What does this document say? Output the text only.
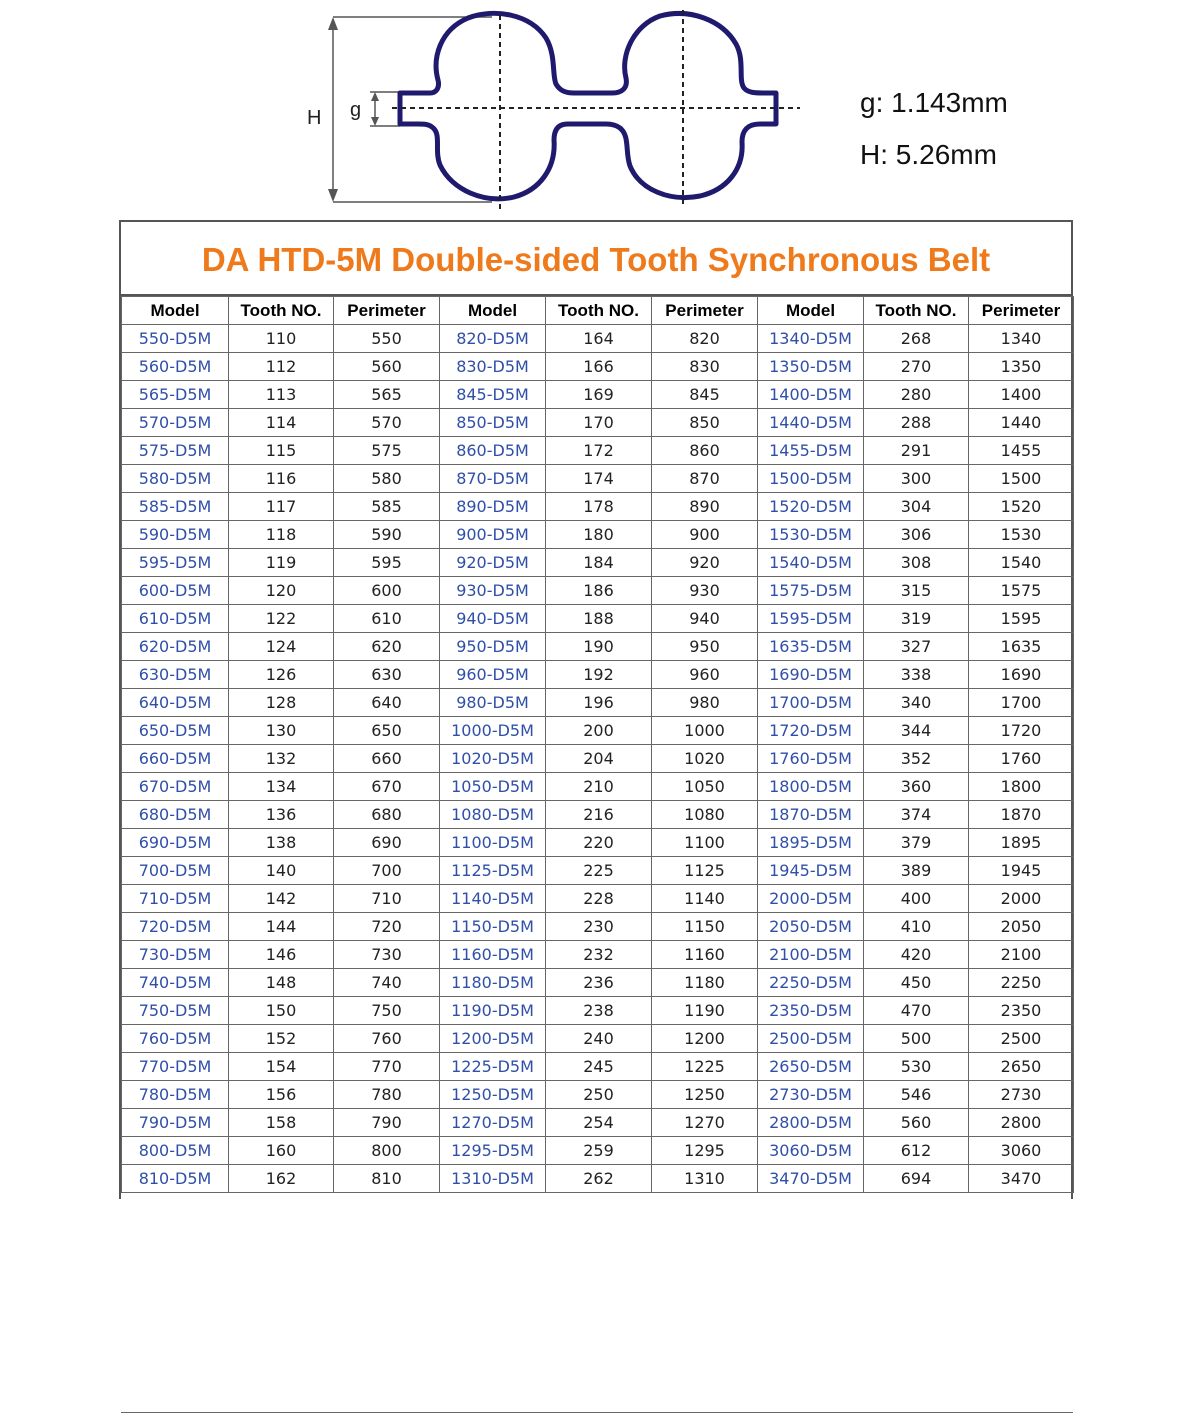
H g	g: 1.143mm
H: 5.26mm
DA HTD-5M Double-sided Tooth Synchronous Belt
Model	Tooth NO.	Perimeter	Model	Tooth NO.	Perimeter	Model	Tooth NO.	Perimeter
550-D5M	110	550	820-D5M	164	820	1340-D5M	268	1340
560-D5M	112	560	830-D5M	166	830	1350-D5M	270	1350
565-D5M	113	565	845-D5M	169	845	1400-D5M	280	1400
570-D5M	114	570	850-D5M	170	850	1440-D5M	288	1440
575-D5M	115	575	860-D5M	172	860	1455-D5M	291	1455
580-D5M	116	580	870-D5M	174	870	1500-D5M	300	1500
585-D5M	117	585	890-D5M	178	890	1520-D5M	304	1520
590-D5M	118	590	900-D5M	180	900	1530-D5M	306	1530
595-D5M	119	595	920-D5M	184	920	1540-D5M	308	1540
600-D5M	120	600	930-D5M	186	930	1575-D5M	315	1575
610-D5M	122	610	940-D5M	188	940	1595-D5M	319	1595
620-D5M	124	620	950-D5M	190	950	1635-D5M	327	1635
630-D5M	126	630	960-D5M	192	960	1690-D5M	338	1690
640-D5M	128	640	980-D5M	196	980	1700-D5M	340	1700
650-D5M	130	650	1000-D5M	200	1000	1720-D5M	344	1720
660-D5M	132	660	1020-D5M	204	1020	1760-D5M	352	1760
670-D5M	134	670	1050-D5M	210	1050	1800-D5M	360	1800
680-D5M	136	680	1080-D5M	216	1080	1870-D5M	374	1870
690-D5M	138	690	1100-D5M	220	1100	1895-D5M	379	1895
700-D5M	140	700	1125-D5M	225	1125	1945-D5M	389	1945
710-D5M	142	710	1140-D5M	228	1140	2000-D5M	400	2000
720-D5M	144	720	1150-D5M	230	1150	2050-D5M	410	2050
730-D5M	146	730	1160-D5M	232	1160	2100-D5M	420	2100
740-D5M	148	740	1180-D5M	236	1180	2250-D5M	450	2250
750-D5M	150	750	1190-D5M	238	1190	2350-D5M	470	2350
760-D5M	152	760	1200-D5M	240	1200	2500-D5M	500	2500
770-D5M	154	770	1225-D5M	245	1225	2650-D5M	530	2650
780-D5M	156	780	1250-D5M	250	1250	2730-D5M	546	2730
790-D5M	158	790	1270-D5M	254	1270	2800-D5M	560	2800
800-D5M	160	800	1295-D5M	259	1295	3060-D5M	612	3060
810-D5M	162	810	1310-D5M	262	1310	3470-D5M	694	3470
